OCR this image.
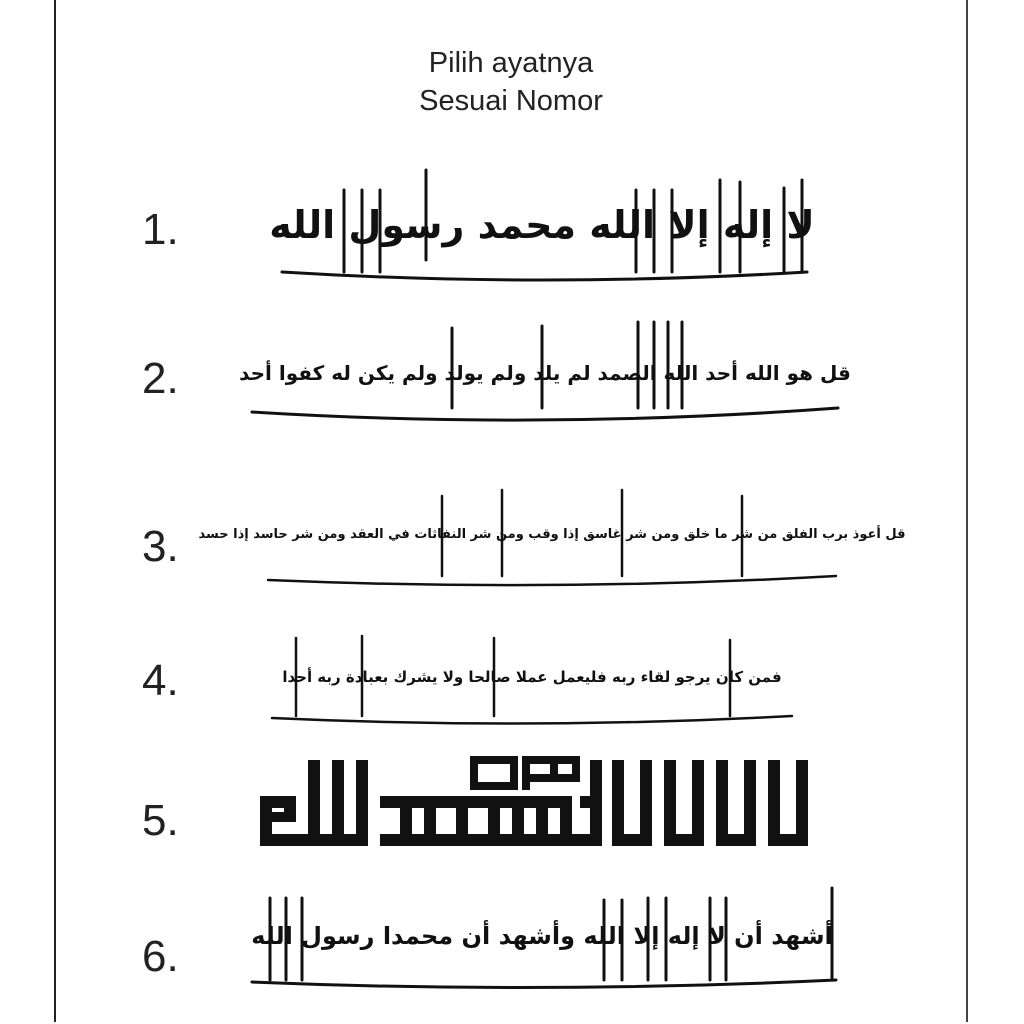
Pilih ayatnya
Sesuai Nomor
1. لا إله إلا الله محمد رسول الله
2.	قل هو الله أحد الله الصمد لم يلد ولم يولد ولم يكن له كفوا أحد
3. قل أعوذ برب الفلق من شر ما خلق ومن شر غاسق إذا وقب ومن شر النفاثات في العقد ومن شر حاسد إذا حسد
4.	فمن كان يرجو لقاء ربه فليعمل عملا صالحا ولا يشرك بعبادة ربه أحدا
5.
6.	أشهد أن لا إله إلا الله وأشهد أن محمدا رسول الله
